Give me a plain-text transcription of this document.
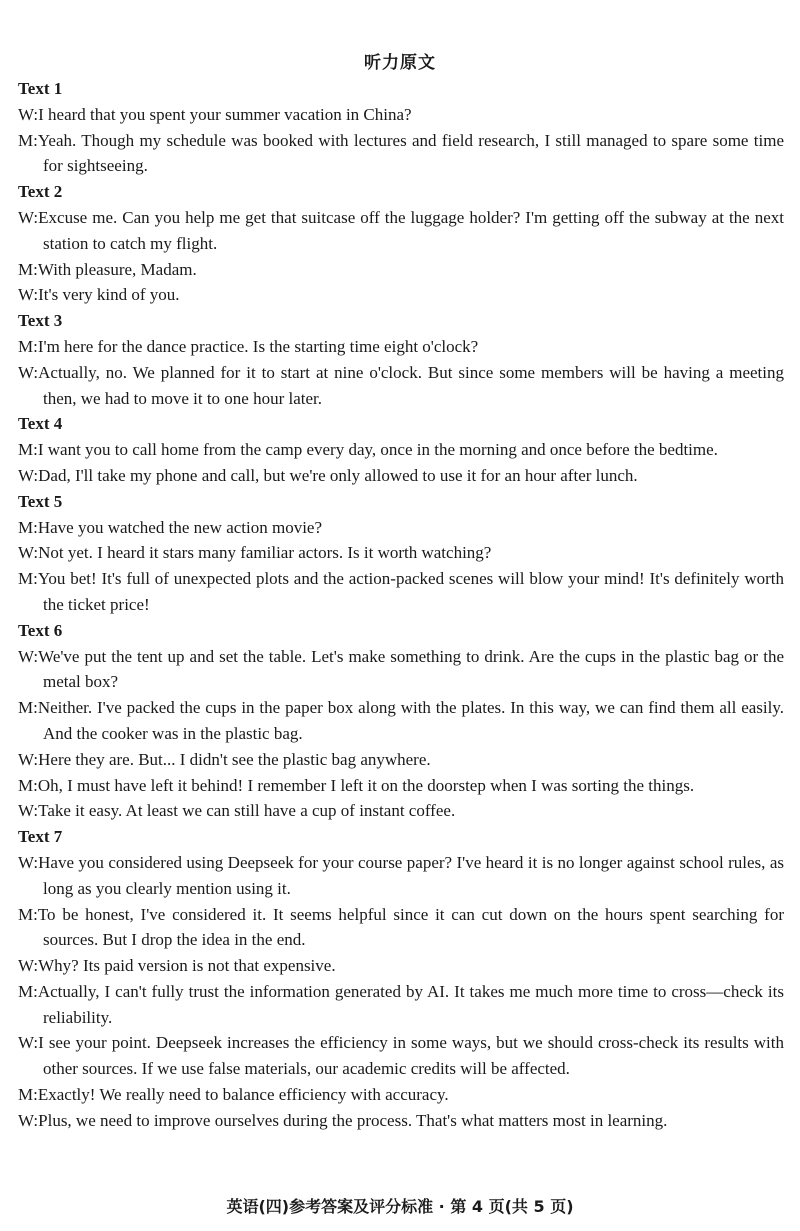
听力原文
Text 1
W:I heard that you spent your summer vacation in China?
M:Yeah. Though my schedule was booked with lectures and field research, I still managed to spare some time for sightseeing.
Text 2
W:Excuse me. Can you help me get that suitcase off the luggage holder? I'm getting off the subway at the next station to catch my flight.
M:With pleasure, Madam.
W:It's very kind of you.
Text 3
M:I'm here for the dance practice. Is the starting time eight o'clock?
W:Actually, no. We planned for it to start at nine o'clock. But since some members will be having a meeting then, we had to move it to one hour later.
Text 4
M:I want you to call home from the camp every day, once in the morning and once before the bedtime.
W:Dad, I'll take my phone and call, but we're only allowed to use it for an hour after lunch.
Text 5
M:Have you watched the new action movie?
W:Not yet. I heard it stars many familiar actors. Is it worth watching?
M:You bet! It's full of unexpected plots and the action-packed scenes will blow your mind! It's definitely worth the ticket price!
Text 6
W:We've put the tent up and set the table. Let's make something to drink. Are the cups in the plastic bag or the metal box?
M:Neither. I've packed the cups in the paper box along with the plates. In this way, we can find them all easily. And the cooker was in the plastic bag.
W:Here they are. But... I didn't see the plastic bag anywhere.
M:Oh, I must have left it behind! I remember I left it on the doorstep when I was sorting the things.
W:Take it easy. At least we can still have a cup of instant coffee.
Text 7
W:Have you considered using Deepseek for your course paper? I've heard it is no longer against school rules, as long as you clearly mention using it.
M:To be honest, I've considered it. It seems helpful since it can cut down on the hours spent searching for sources. But I drop the idea in the end.
W:Why? Its paid version is not that expensive.
M:Actually, I can't fully trust the information generated by AI. It takes me much more time to cross—check its reliability.
W:I see your point. Deepseek increases the efficiency in some ways, but we should cross-check its results with other sources. If we use false materials, our academic credits will be affected.
M:Exactly! We really need to balance efficiency with accuracy.
W:Plus, we need to improve ourselves during the process. That's what matters most in learning.
英语(四)参考答案及评分标准 · 第 4 页(共 5 页)
